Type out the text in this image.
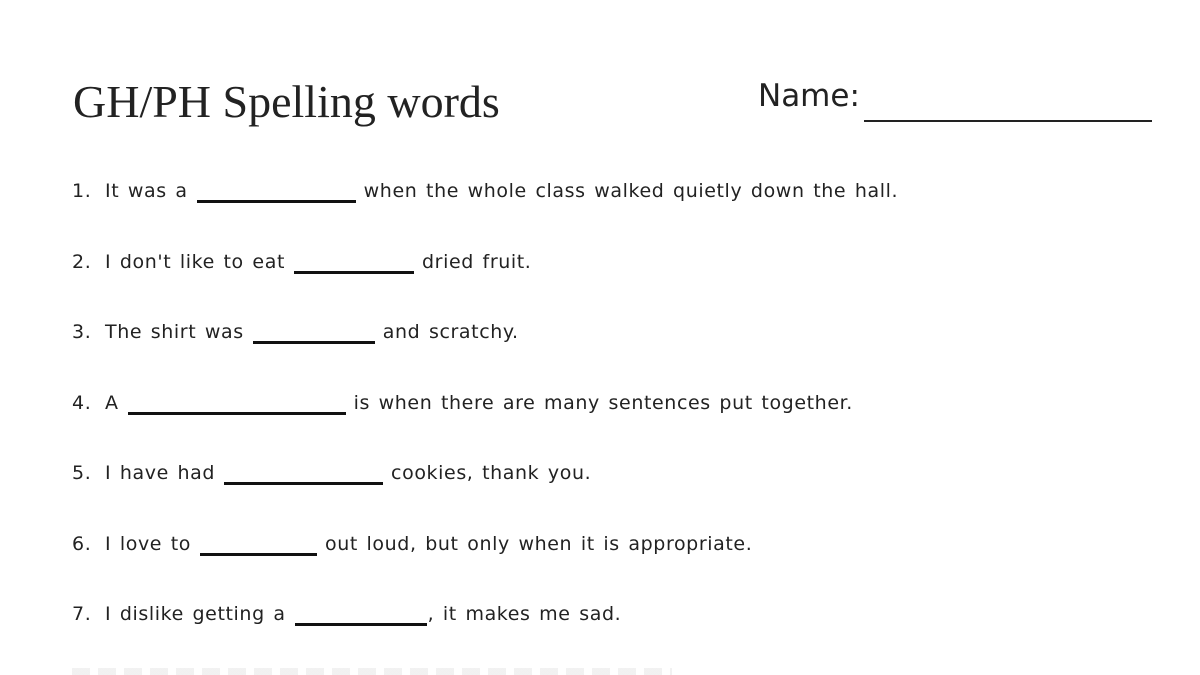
GH/PH Spelling words	Name:
1. It was a	when the whole class walked quietly down the hall.
2. I don't like to eat	dried fruit.
3. The shirt was	and scratchy.
4. A	is when there are many sentences put together.
5. I have had	cookies, thank you.
6. I love to	out loud, but only when it is appropriate.
7. I dislike getting a	, it makes me sad.
